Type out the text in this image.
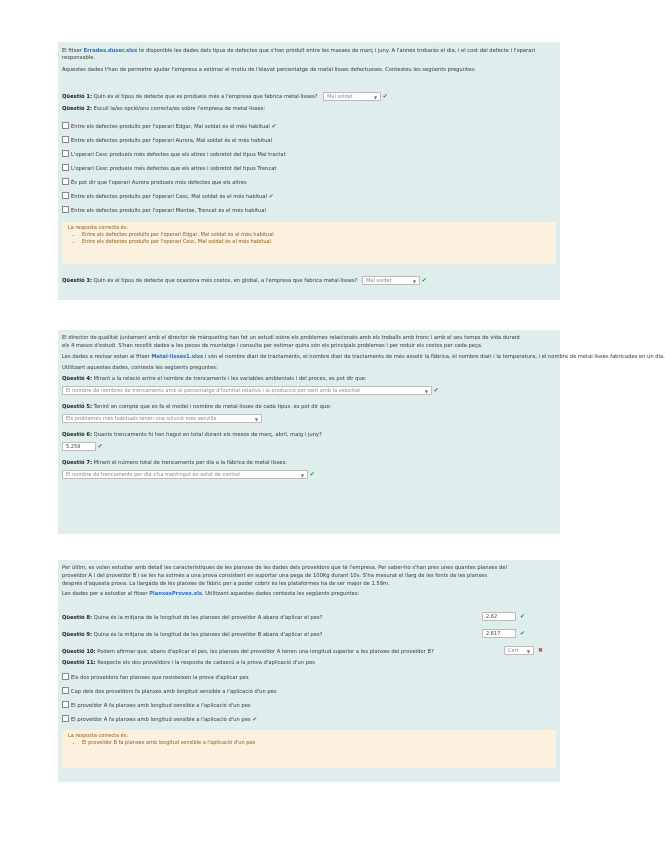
El fitxer Errades.duser.xlsx té disponible les dades dels tipus de defectes que s'han produït entre les masses de març i juny. A l'annex trobaràs el dia, i el cost del defecte i l'operari responsable.
Aquestes dades t'han de permetre ajudar l'empresa a estimar el motiu de l'elevat percentatge de metal·lisses defectuoses. Contesteu les següents preguntes:
Qüestió 1: Quin és el tipus de defecte que es produeix més a l'empresa que fabrica metal·lisses? Mal soldat	▼ ✔
Qüestió 2: Escull la/es opció/ons correcta/es sobre l'empresa de metal·lisses:
Entre els defectes produïts per l'operari Edgar, Mal soldat és el més habitual ✔
Entre els defectes produïts per l'operari Aurora, Mal soldat és el més habitual
L'operari Cesc produeix més defectes que els altres i sobretot del tipus Mal tractat
L'operari Cesc produeix més defectes que els altres i sobretot del tipus Trencat
És pot dir que l'operari Aurora produeix més defectes que els altres
Entre els defectes produïts per l'operari Cesc, Mal soldat és el més habitual ✔
Entre els defectes produïts per l'operari Montse, Trencat és el més habitual
La resposta correcta és:
• Entre els defectes produïts per l'operari Edgar, Mal soldat és el més habitual
• Entre els defectes produïts per l'operari Cesc, Mal soldat és el més habitual
Qüestió 3: Quin és el tipus de defecte que ocasiona més costos, en global, a l'empresa que fabrica metal·lisses? Mal soldat	▼ ✔
El director de qualitat juntament amb el director de màrqueting han fet un estudi sobre els problemes relacionats amb els treballs amb tronc i amb el seu temps de vida durant
els 4 mesos d'estudi. S'han recollit dades a les peces de muntatge i consulta per estimar quins són els principals problemes i per reduir els costos per cada peça.
Les dades a revisar estan al fitxer Metal·lisses1.xlsx i són el nombre diari de tractaments, el nombre diari de tractaments de més assolir la fàbrica, el nombre diari i la temperatura, i el nombre de metal·lisses fabricades en un dia.
Utilitzant aquestes dades, contesta les següents preguntes:
Qüestió 4: Mirant a la relació entre el nombre de trencaments i les variables ambientals i del procés, es pot dir que:
El nombre de nombres de trencaments amb el percentatge d'humitat relativa i la producció per cent amb la velocitat	▼ ✔
Qüestió 5: Tenint en compte que es fa el model i nombre de metal·lisses de cada tipus, es pot dir que:
Els problemes més habituals tenen una solució més senzilla	▼
Qüestió 6: Quants trencaments hi han hagut en total durant els mesos de març, abril, maig i juny?
5,259	✔
Qüestió 7: Mirant el número total de trencaments per dia a la fàbrica de metal·lisses:
El nombre de trencaments per dia s'ha mantingut en estat de control	▼ ✔
Per últim, es volen estudiar amb detall les característiques de les planxes de les dades dels proveïdors que té l'empresa. Per saber-ho s'han pres unes quantes planxes del
proveïdor A i del proveïdor B i se les ha sotmès a una prova consistent en suportar una pega de 100Kg durant 10s. S'ha mesurat el llarg de les fonts de les planxes
després d'aquesta prova. La llargada de les planxes de fàbric per a poder cobrir és les plataformes ha de ser major de 1.59m.
Les dades per a estudiar al fitxer PlanxesProves.xls. Utilitzant aquestes dades contesta les següents preguntes:
Qüestió 8: Quina és la mitjana de la longitud de les planxes del proveïdor A abans d'aplicar el pes?	2.62	✔
Qüestió 9: Quina és la mitjana de la longitud de les planxes del proveïdor B abans d'aplicar el pes?	2.617	✔
Qüestió 10: Podem afirmar que, abans d'aplicar el pes, les planxes del proveïdor A tenen una longitud superior a les planxes del proveïdor B?	Cert ▼ ✖
Qüestió 11: Respecte els dos proveïdors i la resposta de cadascú a la prova d'aplicació d'un pes
Els dos proveïdors fan planxes que resisteixen la prova d'aplicar pes
Cap dels dos proveïdors fa planxes amb longitud sensible a l'aplicació d'un pes
El proveïdor A fa planxes amb longitud sensible a l'aplicació d'un pes
El proveïdor A fa planxes amb longitud sensible a l'aplicació d'un pes ✔
La resposta correcta és:
• El proveïdor B fa planxes amb longitud sensible a l'aplicació d'un pes
